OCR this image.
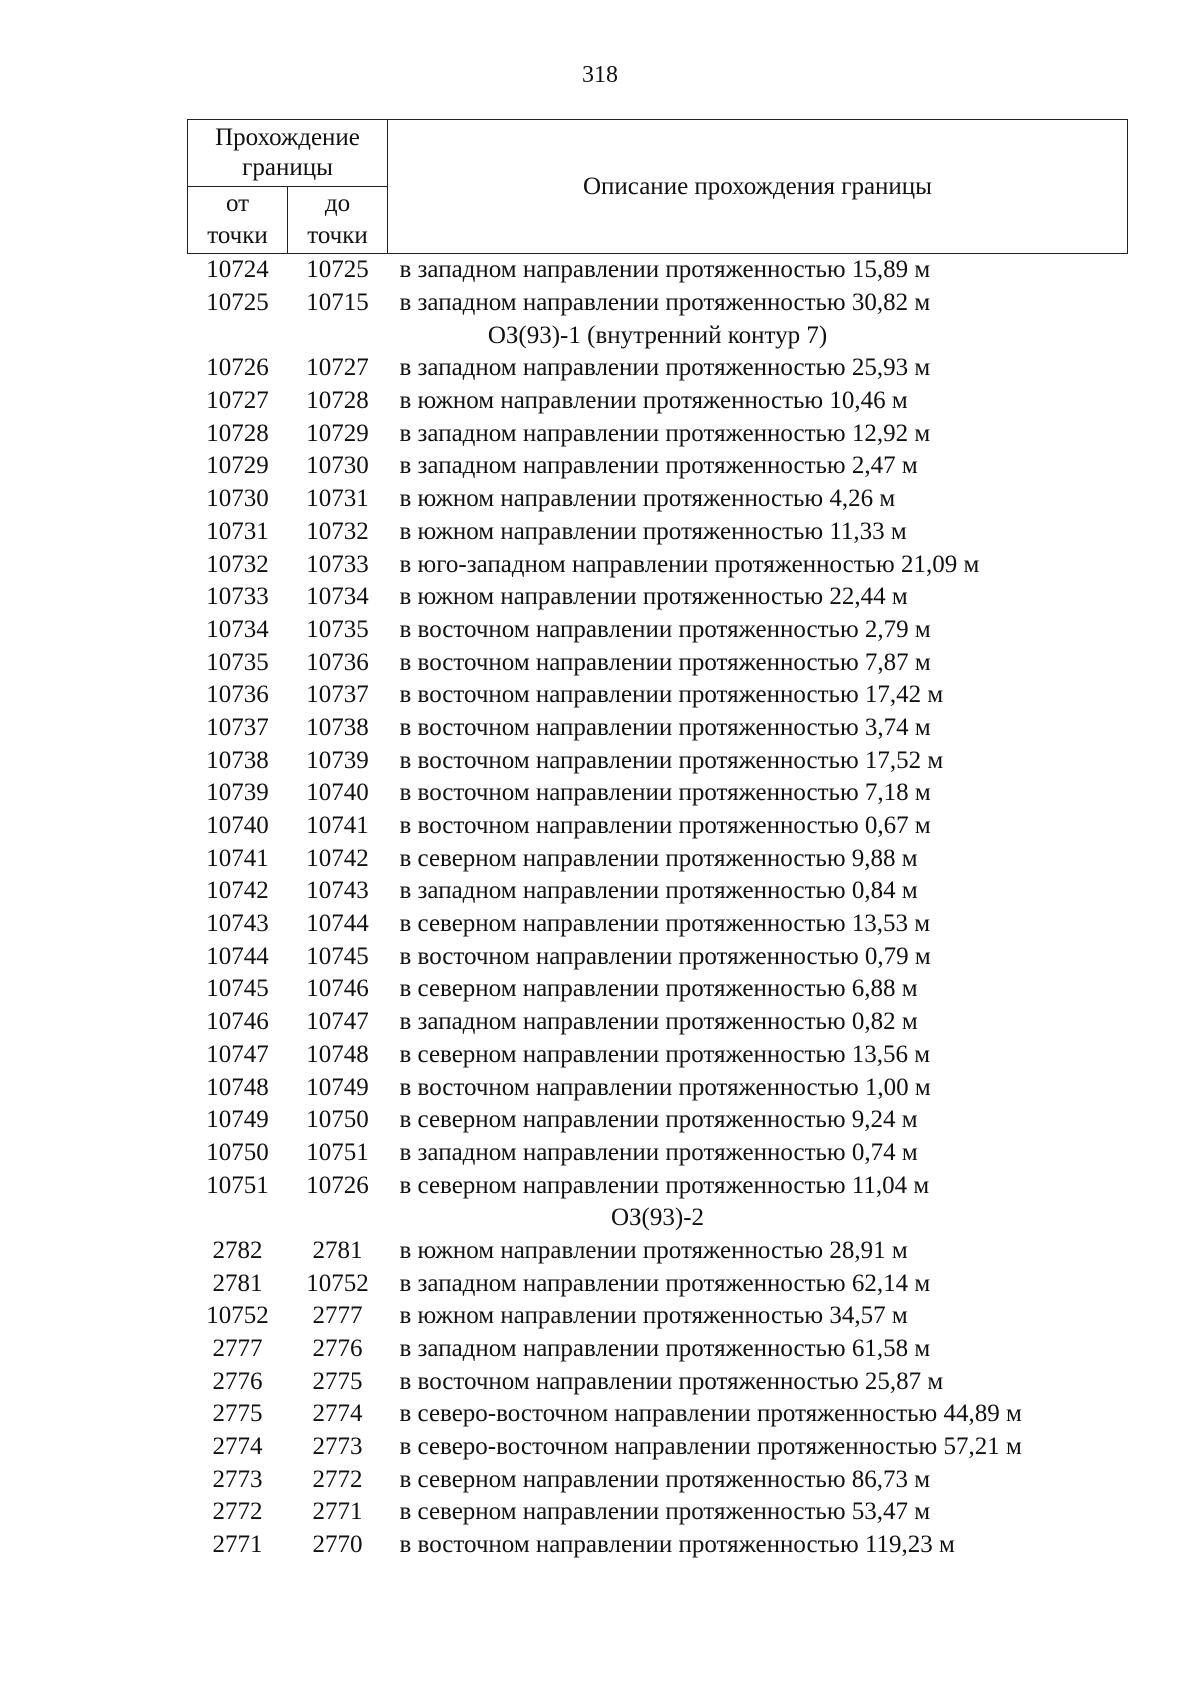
318
Прохождение
границы		Описание прохождения границы

от
точки	до
точки	

10724	10725	в западном направлении протяженностью 15,89 м
10725	10715	в западном направлении протяженностью 30,82 м
ОЗ(93)-1 (внутренний контур 7)		
10726	10727	в западном направлении протяженностью 25,93 м
10727	10728	в южном направлении протяженностью 10,46 м
10728	10729	в западном направлении протяженностью 12,92 м
10729	10730	в западном направлении протяженностью 2,47 м
10730	10731	в южном направлении протяженностью 4,26 м
10731	10732	в южном направлении протяженностью 11,33 м
10732	10733	в юго-западном направлении протяженностью 21,09 м
10733	10734	в южном направлении протяженностью 22,44 м
10734	10735	в восточном направлении протяженностью 2,79 м
10735	10736	в восточном направлении протяженностью 7,87 м
10736	10737	в восточном направлении протяженностью 17,42 м
10737	10738	в восточном направлении протяженностью 3,74 м
10738	10739	в восточном направлении протяженностью 17,52 м
10739	10740	в восточном направлении протяженностью 7,18 м
10740	10741	в восточном направлении протяженностью 0,67 м
10741	10742	в северном направлении протяженностью 9,88 м
10742	10743	в западном направлении протяженностью 0,84 м
10743	10744	в северном направлении протяженностью 13,53 м
10744	10745	в восточном направлении протяженностью 0,79 м
10745	10746	в северном направлении протяженностью 6,88 м
10746	10747	в западном направлении протяженностью 0,82 м
10747	10748	в северном направлении протяженностью 13,56 м
10748	10749	в восточном направлении протяженностью 1,00 м
10749	10750	в северном направлении протяженностью 9,24 м
10750	10751	в западном направлении протяженностью 0,74 м
10751	10726	в северном направлении протяженностью 11,04 м
ОЗ(93)-2		
2782	2781	в южном направлении протяженностью 28,91 м
2781	10752	в западном направлении протяженностью 62,14 м
10752	2777	в южном направлении протяженностью 34,57 м
2777	2776	в западном направлении протяженностью 61,58 м
2776	2775	в восточном направлении протяженностью 25,87 м
2775	2774	в северо-восточном направлении протяженностью 44,89 м
2774	2773	в северо-восточном направлении протяженностью 57,21 м
2773	2772	в северном направлении протяженностью 86,73 м
2772	2771	в северном направлении протяженностью 53,47 м
2771	2770	в восточном направлении протяженностью 119,23 м
